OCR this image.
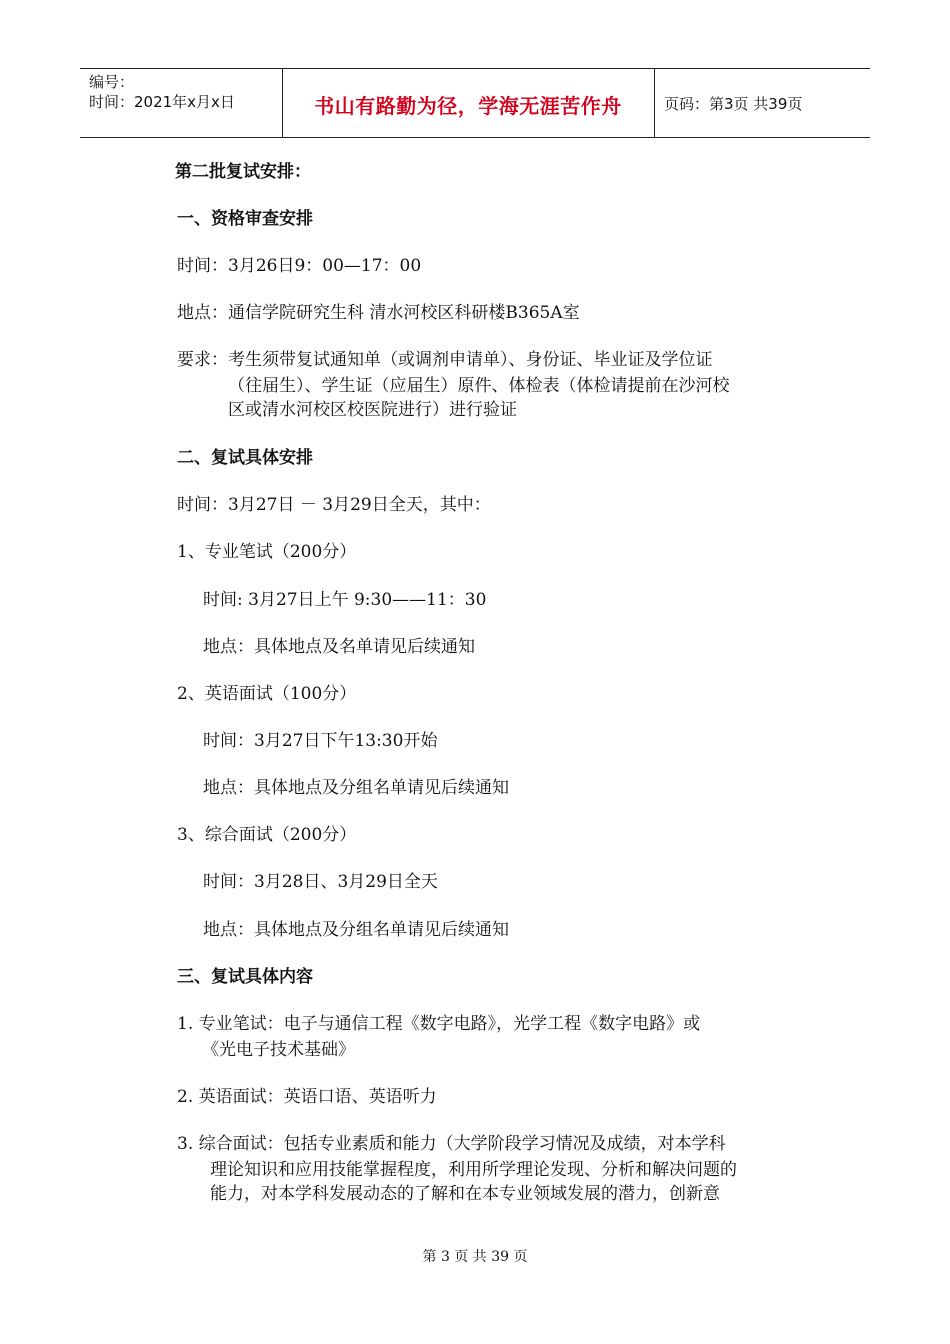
编号：
时间：2021年x月x日	书山有路勤为径，学海无涯苦作舟	页码：第3页 共39页
第二批复试安排：
一、资格审查安排
时间：3月26日9：00—17：00
地点：通信学院研究生科 清水河校区科研楼B365A室
要求：考生须带复试通知单（或调剂申请单）、身份证、毕业证及学位证
（往届生）、学生证（应届生）原件、体检表（体检请提前在沙河校
区或清水河校区校医院进行）进行验证
二、复试具体安排
时间：3月27日 － 3月29日全天，其中：
1、专业笔试（200分）
时间: 3月27日上午 9:30——11：30
地点：具体地点及名单请见后续通知
2、英语面试（100分）
时间：3月27日下午13:30开始
地点：具体地点及分组名单请见后续通知
3、综合面试（200分）
时间：3月28日、3月29日全天
地点：具体地点及分组名单请见后续通知
三、复试具体内容
1. 专业笔试：电子与通信工程《数字电路》，光学工程《数字电路》或
《光电子技术基础》
2. 英语面试：英语口语、英语听力
3. 综合面试：包括专业素质和能力（大学阶段学习情况及成绩，对本学科
理论知识和应用技能掌握程度，利用所学理论发现、分析和解决问题的
能力，对本学科发展动态的了解和在本专业领域发展的潜力，创新意
第 3 页 共 39 页
